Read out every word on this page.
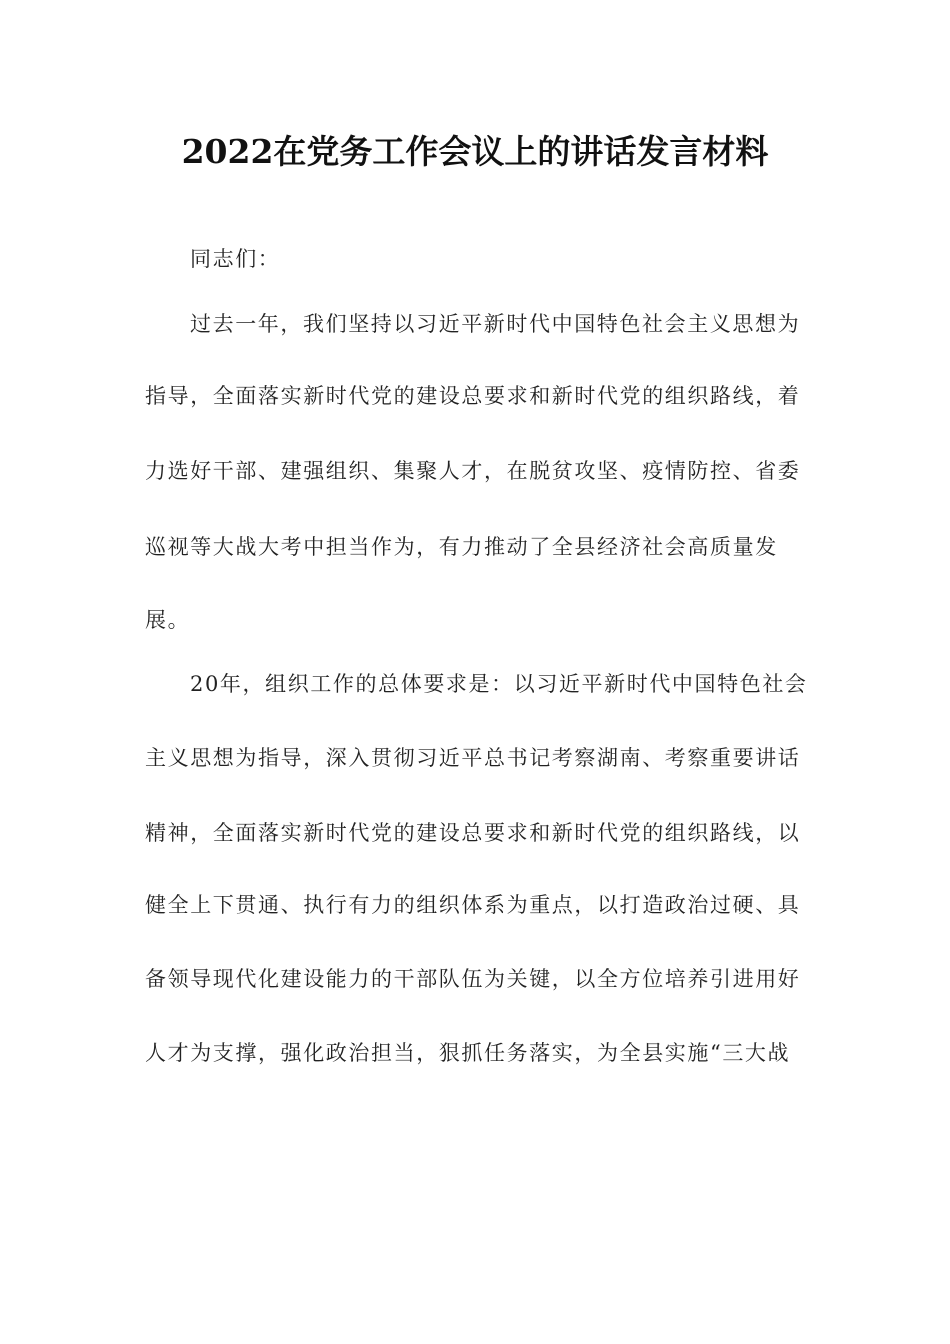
2022在党务工作会议上的讲话发言材料
同志们：
过去一年，我们坚持以习近平新时代中国特色社会主义思想为
指导，全面落实新时代党的建设总要求和新时代党的组织路线，着
力选好干部、建强组织、集聚人才，在脱贫攻坚、疫情防控、省委
巡视等大战大考中担当作为，有力推动了全县经济社会高质量发
展。
20年，组织工作的总体要求是：以习近平新时代中国特色社会
主义思想为指导，深入贯彻习近平总书记考察湖南、考察重要讲话
精神，全面落实新时代党的建设总要求和新时代党的组织路线，以
健全上下贯通、执行有力的组织体系为重点，以打造政治过硬、具
备领导现代化建设能力的干部队伍为关键，以全方位培养引进用好
人才为支撑，强化政治担当，狠抓任务落实，为全县实施“三大战
